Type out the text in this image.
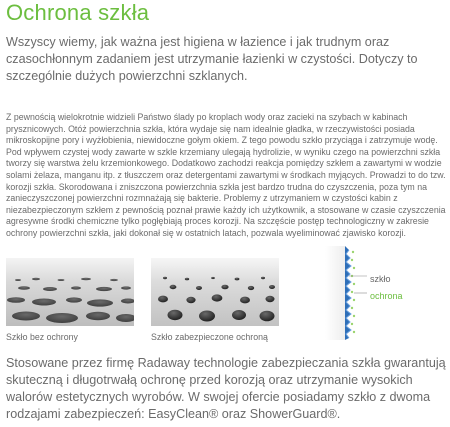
Ochrona szkła
Wszyscy wiemy, jak ważna jest higiena w łazience i jak trudnym oraz czasochłonnym zadaniem jest utrzymanie łazienki w czystości. Dotyczy to szczególnie dużych powierzchni szklanych.
Z pewnością wielokrotnie widzieli Państwo ślady po kroplach wody oraz zacieki na szybach w kabinach prysznicowych. Otóż powierzchnia szkła, która wydaje się nam idealnie gładka, w rzeczywistości posiada mikroskopijne pory i wyżłobienia, niewidoczne gołym okiem. Z tego powodu szkło przyciąga i zatrzymuje wodę. Pod wpływem czystej wody zawarte w szkle krzemiany ulegają hydrolizie, w wyniku czego na powierzchni szkła tworzy się warstwa żelu krzemionkowego. Dodatkowo zachodzi reakcja pomiędzy szkłem a zawartymi w wodzie solami żelaza, manganu itp. z tłuszczem oraz detergentami zawartymi w środkach myjących. Prowadzi to do tzw. korozji szkła. Skorodowana i zniszczona powierzchnia szkła jest bardzo trudna do czyszczenia, poza tym na zanieczyszczonej powierzchni rozmnażają się bakterie. Problemy z utrzymaniem w czystości kabin z niezabezpieczonym szkłem z pewnością poznał prawie każdy ich użytkownik, a stosowane w czasie czyszczenia agresywne środki chemiczne tylko pogłębiają proces korozji. Na szczęście postęp technologiczny w zakresie ochrony powierzchni szkła, jaki dokonał się w ostatnich latach, pozwala wyeliminować zjawisko korozji.
Szkło bez ochrony	Szkło zabezpieczone ochroną
szkło
ochrona
Stosowane przez firmę Radaway technologie zabezpieczania szkła gwarantują skuteczną i długotrwałą ochronę przed korozją oraz utrzymanie wysokich walorów estetycznych wyrobów. W swojej ofercie posiadamy szkło z dwoma rodzajami zabezpieczeń: EasyClean® oraz ShowerGuard®.
